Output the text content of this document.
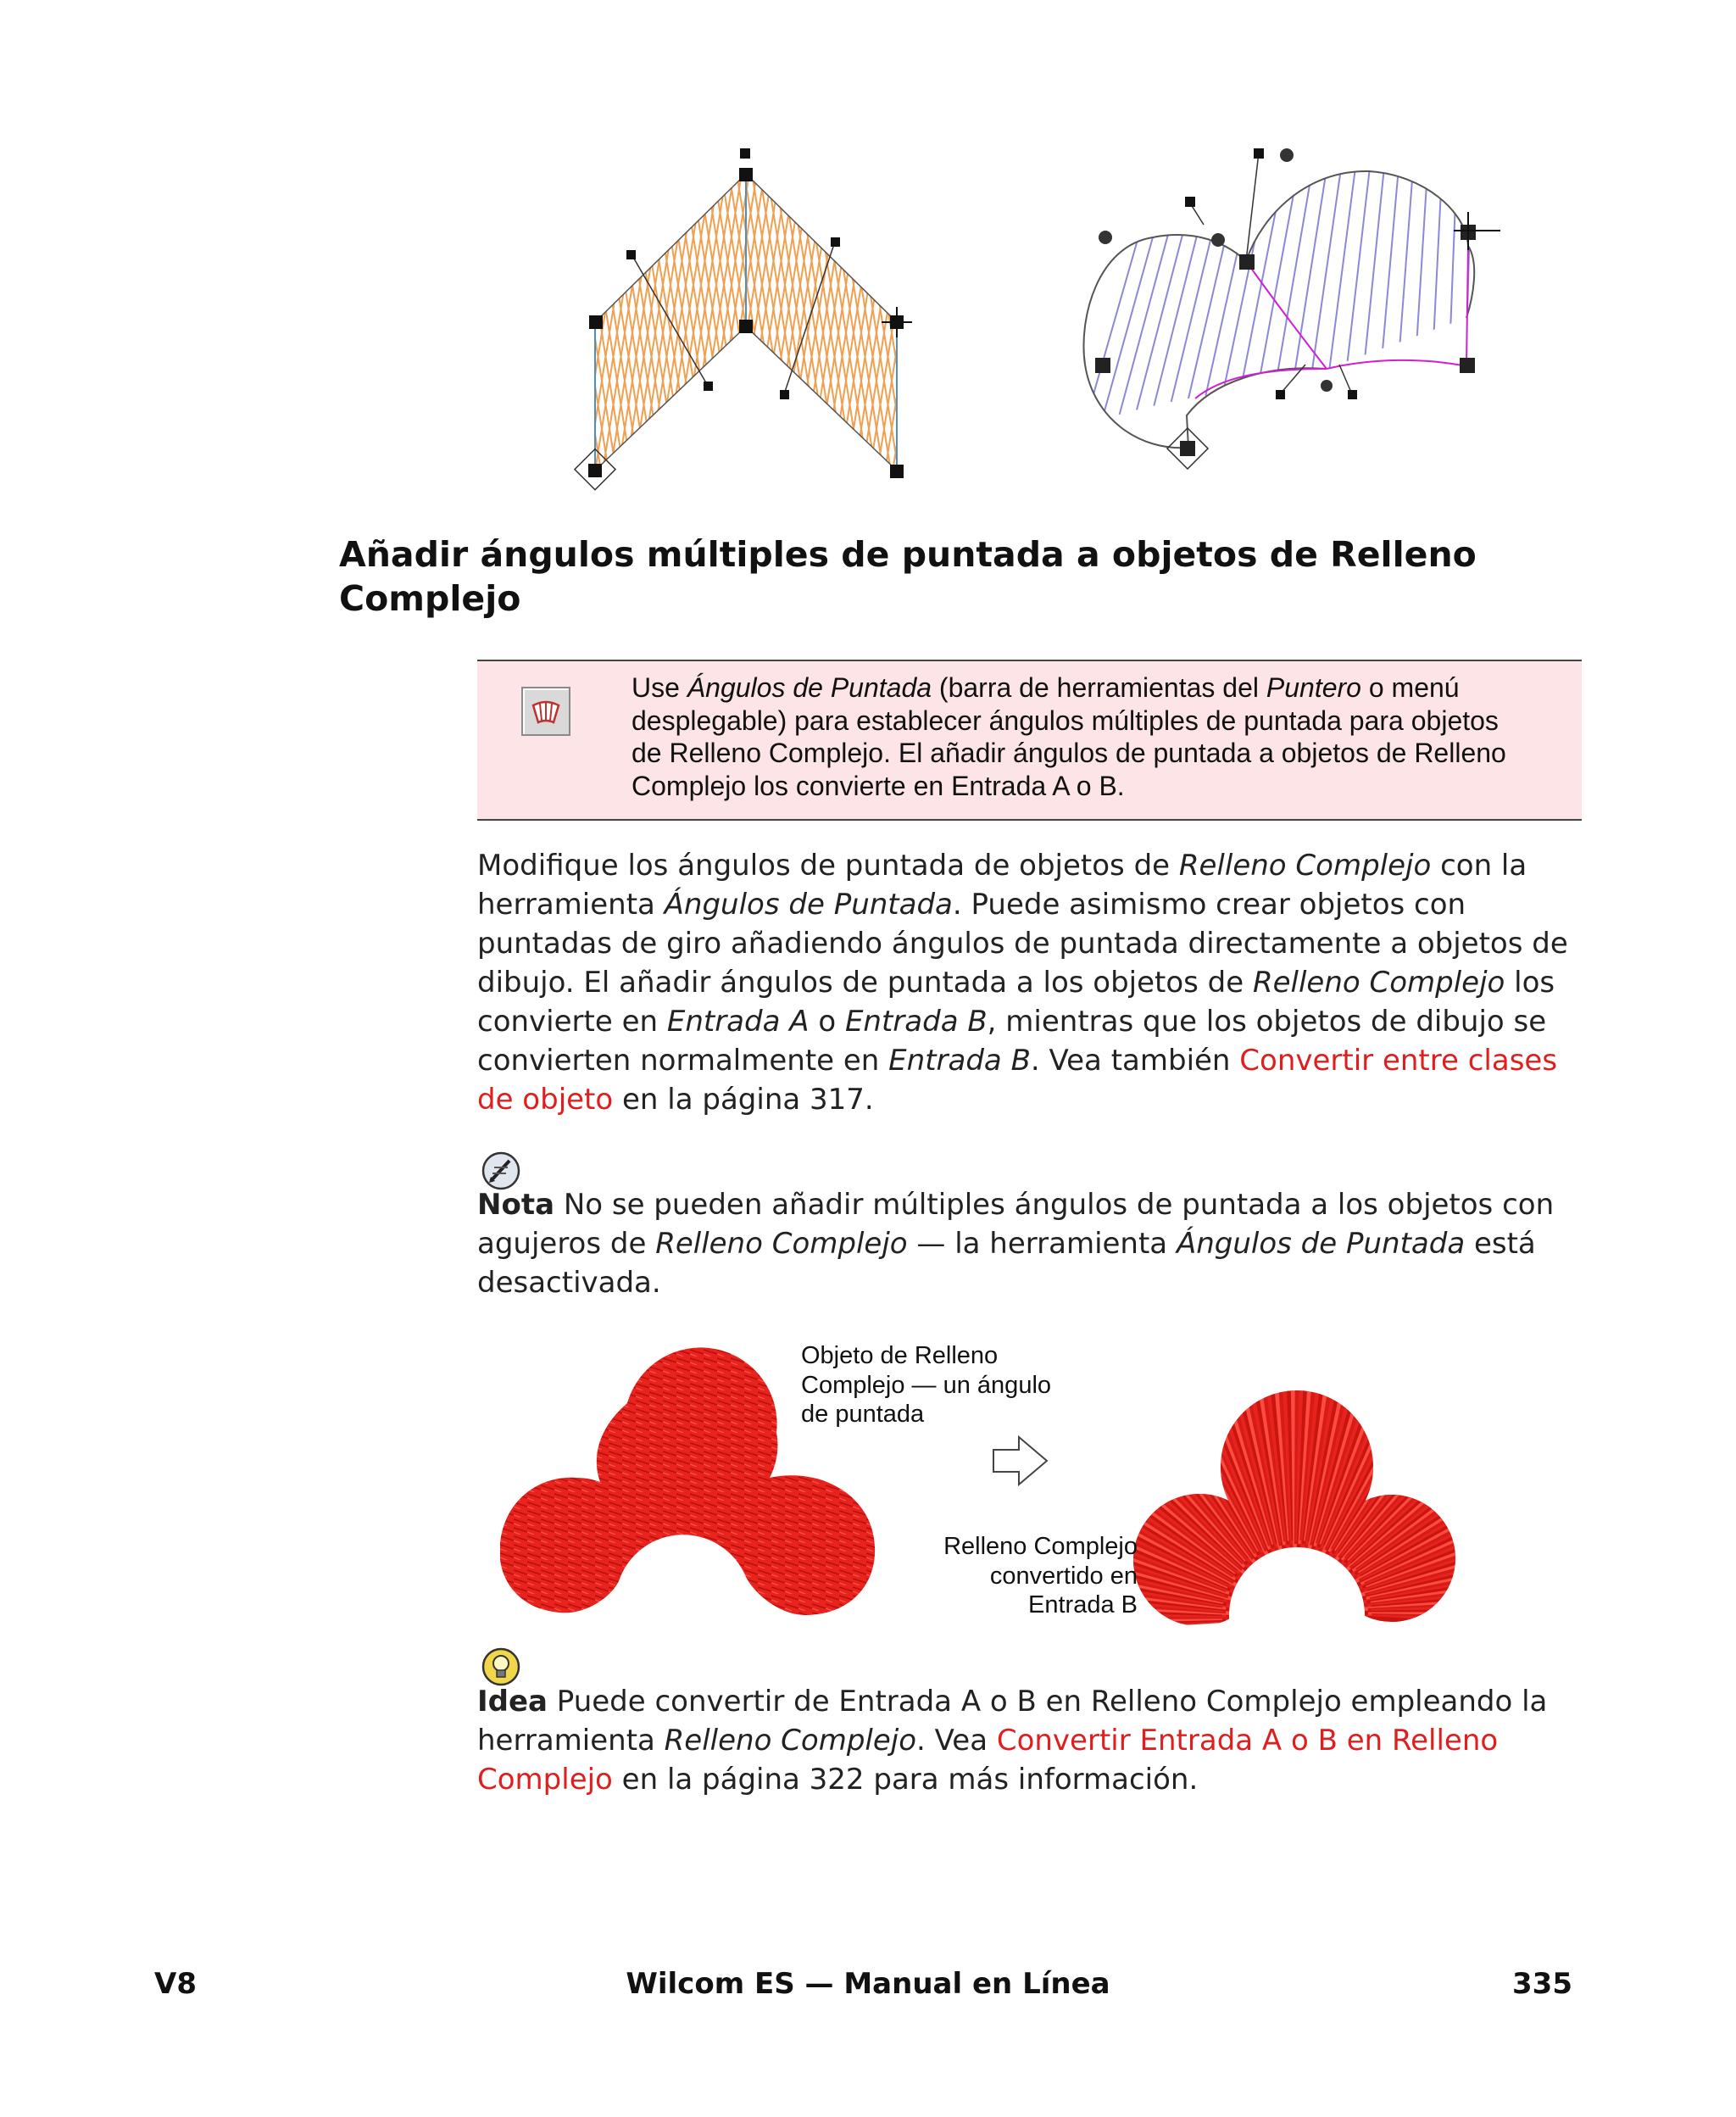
Añadir ángulos múltiples de puntada a objetos de Relleno
Complejo
Use Ángulos de Puntada (barra de herramientas del Puntero o menú
desplegable) para establecer ángulos múltiples de puntada para objetos
de Relleno Complejo. El añadir ángulos de puntada a objetos de Relleno
Complejo los convierte en Entrada A o B.

Modifique los ángulos de puntada de objetos de Relleno Complejo con la herramienta Ángulos de Puntada. Puede asimismo crear objetos con puntadas de giro añadiendo ángulos de puntada directamente a objetos de dibujo. El añadir ángulos de puntada a los objetos de Relleno Complejo los convierte en Entrada A o Entrada B, mientras que los objetos de dibujo se convierten normalmente en Entrada B. Vea también Convertir entre clases de objeto en la página 317.

Nota No se pueden añadir múltiples ángulos de puntada a los objetos con agujeros de Relleno Complejo — la herramienta Ángulos de Puntada está desactivada.

Objeto de Relleno
Complejo — un ángulo
de puntada
Relleno Complejo
convertido en
Entrada B

Idea Puede convertir de Entrada A o B en Relleno Complejo empleando la herramienta Relleno Complejo. Vea Convertir Entrada A o B en Relleno Complejo en la página 322 para más información.

V8	Wilcom ES — Manual en Línea	335
